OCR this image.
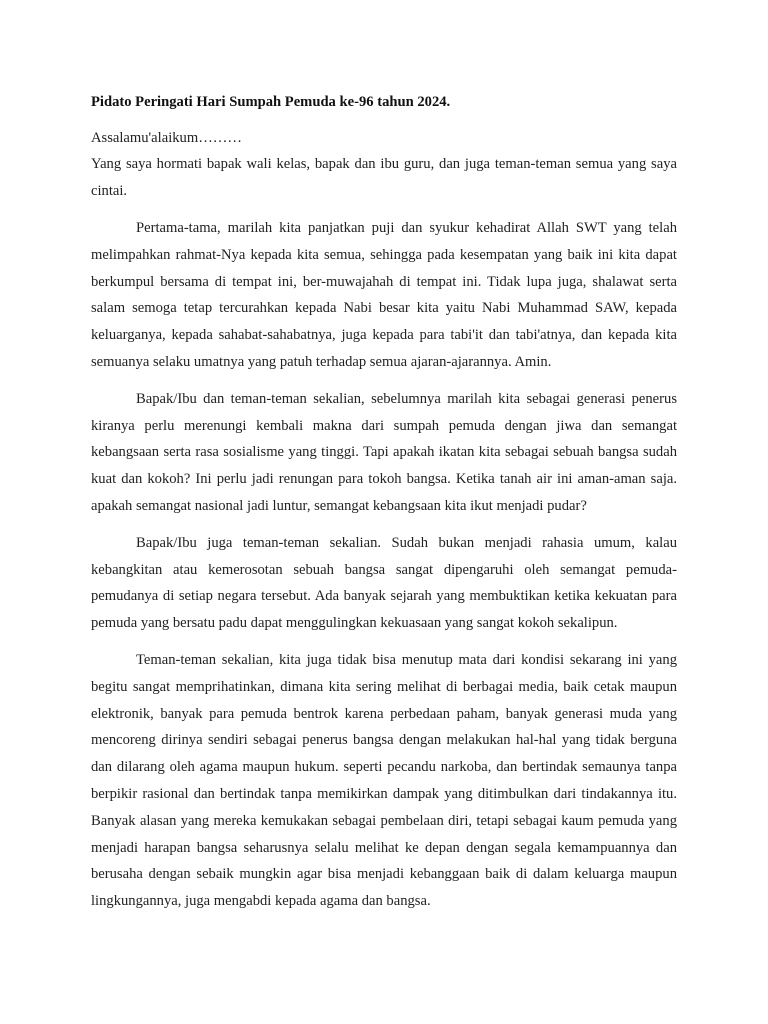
Pidato Peringati Hari Sumpah Pemuda ke-96 tahun 2024.

Assalamu'alaikum………

Yang saya hormati bapak wali kelas, bapak dan ibu guru, dan juga teman-teman semua yang saya cintai.

Pertama-tama, marilah kita panjatkan puji dan syukur kehadirat Allah SWT yang telah melimpahkan rahmat-Nya kepada kita semua, sehingga pada kesempatan yang baik ini kita dapat berkumpul bersama di tempat ini, ber-muwajahah di tempat ini. Tidak lupa juga, shalawat serta salam semoga tetap tercurahkan kepada Nabi besar kita yaitu Nabi Muhammad SAW, kepada keluarganya, kepada sahabat-sahabatnya, juga kepada para tabi'it dan tabi'atnya, dan kepada kita semuanya selaku umatnya yang patuh terhadap semua ajaran-ajarannya. Amin.

Bapak/Ibu dan teman-teman sekalian, sebelumnya marilah kita sebagai generasi penerus kiranya perlu merenungi kembali makna dari sumpah pemuda dengan jiwa dan semangat kebangsaan serta rasa sosialisme yang tinggi. Tapi apakah ikatan kita sebagai sebuah bangsa sudah kuat dan kokoh? Ini perlu jadi renungan para tokoh bangsa. Ketika tanah air ini aman-aman saja. apakah semangat nasional jadi luntur, semangat kebangsaan kita ikut menjadi pudar?

Bapak/Ibu juga teman-teman sekalian. Sudah bukan menjadi rahasia umum, kalau kebangkitan atau kemerosotan sebuah bangsa sangat dipengaruhi oleh semangat pemuda-pemudanya di setiap negara tersebut. Ada banyak sejarah yang membuktikan ketika kekuatan para pemuda yang bersatu padu dapat menggulingkan kekuasaan yang sangat kokoh sekalipun.

Teman-teman sekalian, kita juga tidak bisa menutup mata dari kondisi sekarang ini yang begitu sangat memprihatinkan, dimana kita sering melihat di berbagai media, baik cetak maupun elektronik, banyak para pemuda bentrok karena perbedaan paham, banyak generasi muda yang mencoreng dirinya sendiri sebagai penerus bangsa dengan melakukan hal-hal yang tidak berguna dan dilarang oleh agama maupun hukum. seperti pecandu narkoba, dan bertindak semaunya tanpa berpikir rasional dan bertindak tanpa memikirkan dampak yang ditimbulkan dari tindakannya itu. Banyak alasan yang mereka kemukakan sebagai pembelaan diri, tetapi sebagai kaum pemuda yang menjadi harapan bangsa seharusnya selalu melihat ke depan dengan segala kemampuannya dan berusaha dengan sebaik mungkin agar bisa menjadi kebanggaan baik di dalam keluarga maupun lingkungannya, juga mengabdi kepada agama dan bangsa.
